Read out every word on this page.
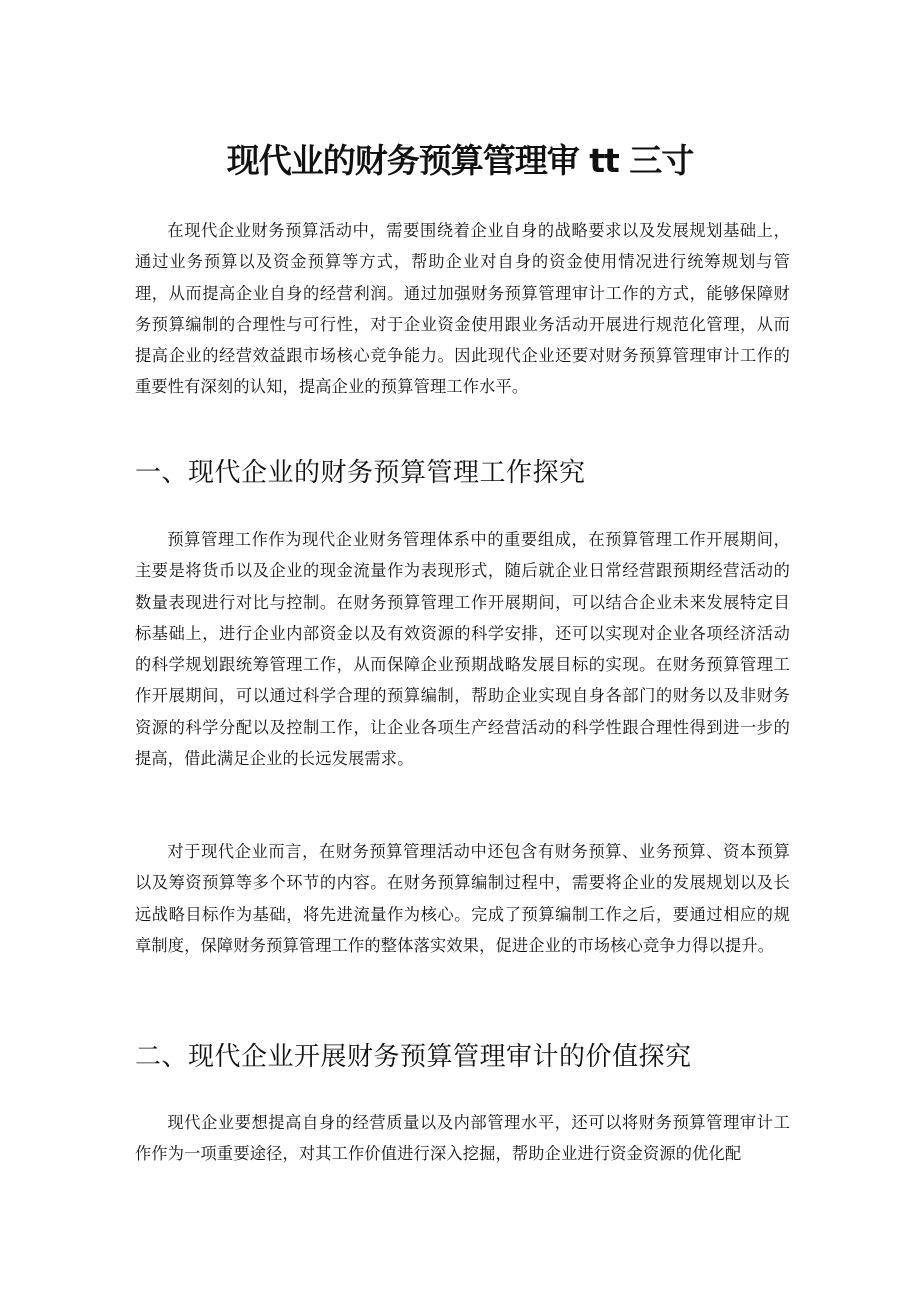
现代业的财务预算管理审 tt 三寸

在现代企业财务预算活动中，需要围绕着企业自身的战略要求以及发展规划基础上，通过业务预算以及资金预算等方式，帮助企业对自身的资金使用情况进行统筹规划与管理，从而提高企业自身的经营利润。通过加强财务预算管理审计工作的方式，能够保障财务预算编制的合理性与可行性，对于企业资金使用跟业务活动开展进行规范化管理，从而提高企业的经营效益跟市场核心竞争能力。因此现代企业还要对财务预算管理审计工作的重要性有深刻的认知，提高企业的预算管理工作水平。

一、现代企业的财务预算管理工作探究

预算管理工作作为现代企业财务管理体系中的重要组成，在预算管理工作开展期间，主要是将货币以及企业的现金流量作为表现形式，随后就企业日常经营跟预期经营活动的数量表现进行对比与控制。在财务预算管理工作开展期间，可以结合企业未来发展特定目标基础上，进行企业内部资金以及有效资源的科学安排，还可以实现对企业各项经济活动的科学规划跟统筹管理工作，从而保障企业预期战略发展目标的实现。在财务预算管理工作开展期间，可以通过科学合理的预算编制，帮助企业实现自身各部门的财务以及非财务资源的科学分配以及控制工作，让企业各项生产经营活动的科学性跟合理性得到进一步的提高，借此满足企业的长远发展需求。

对于现代企业而言，在财务预算管理活动中还包含有财务预算、业务预算、资本预算以及筹资预算等多个环节的内容。在财务预算编制过程中，需要将企业的发展规划以及长远战略目标作为基础，将先进流量作为核心。完成了预算编制工作之后，要通过相应的规章制度，保障财务预算管理工作的整体落实效果，促进企业的市场核心竞争力得以提升。

二、现代企业开展财务预算管理审计的价值探究

现代企业要想提高自身的经营质量以及内部管理水平，还可以将财务预算管理审计工作作为一项重要途径，对其工作价值进行深入挖掘，帮助企业进行资金资源的优化配
